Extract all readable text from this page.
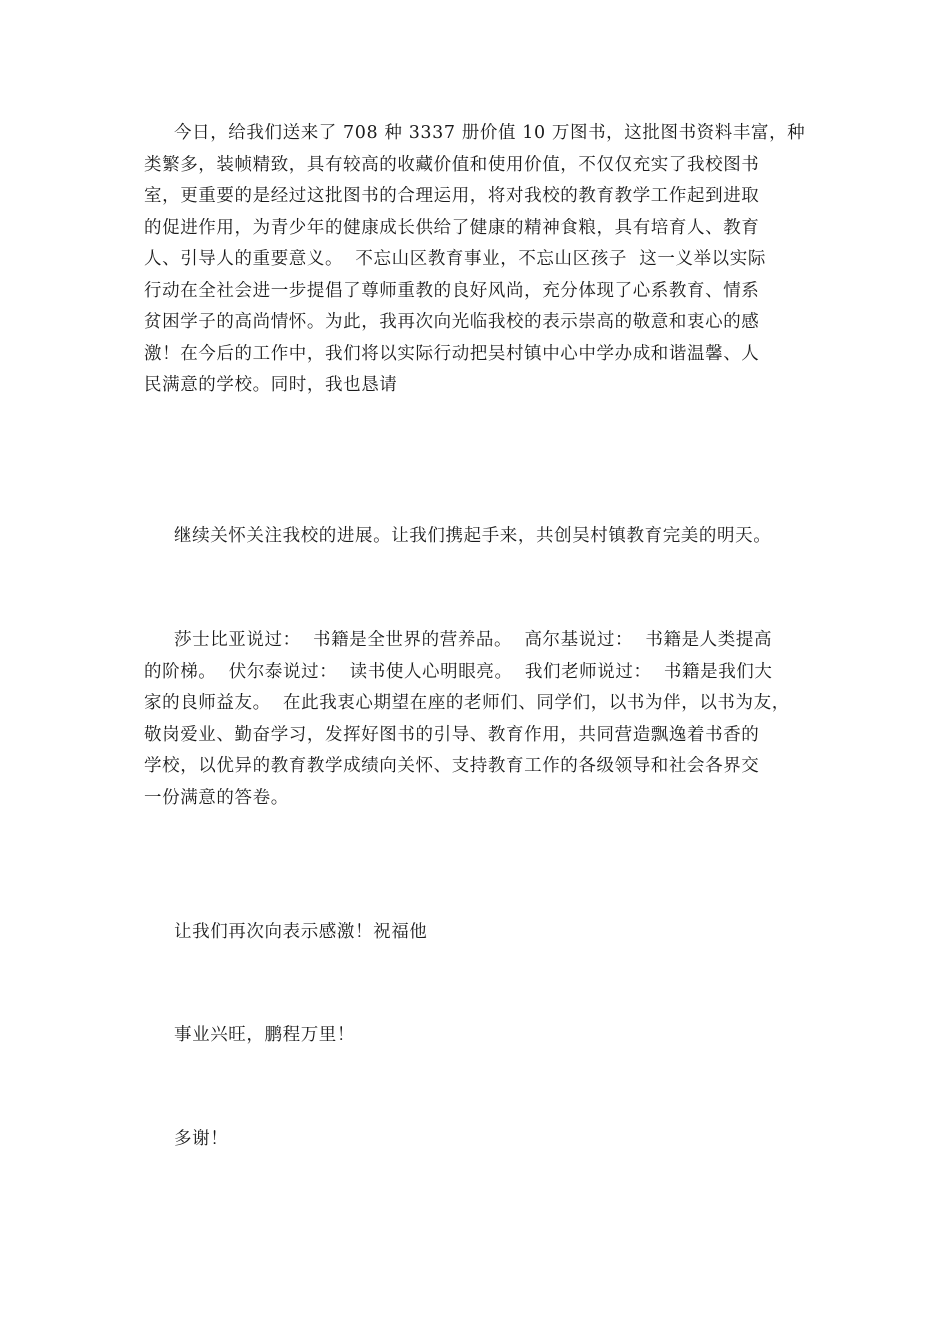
今日，给我们送来了 708 种 3337 册价值 10 万图书，这批图书资料丰富，种
类繁多，装帧精致，具有较高的收藏价值和使用价值，不仅仅充实了我校图书
室，更重要的是经过这批图书的合理运用，将对我校的教育教学工作起到进取
的促进作用，为青少年的健康成长供给了健康的精神食粮，具有培育人、教育
人、引导人的重要意义。  不忘山区教育事业，不忘山区孩子  这一义举以实际
行动在全社会进一步提倡了尊师重教的良好风尚，充分体现了心系教育、情系
贫困学子的高尚情怀。为此，我再次向光临我校的表示崇高的敬意和衷心的感
激！在今后的工作中，我们将以实际行动把吴村镇中心中学办成和谐温馨、人
民满意的学校。同时，我也恳请
继续关怀关注我校的进展。让我们携起手来，共创吴村镇教育完美的明天。
莎士比亚说过：  书籍是全世界的营养品。  高尔基说过：  书籍是人类提高
的阶梯。  伏尔泰说过：  读书使人心明眼亮。  我们老师说过：  书籍是我们大
家的良师益友。  在此我衷心期望在座的老师们、同学们，以书为伴，以书为友，
敬岗爱业、勤奋学习，发挥好图书的引导、教育作用，共同营造飘逸着书香的
学校，以优异的教育教学成绩向关怀、支持教育工作的各级领导和社会各界交
一份满意的答卷。
让我们再次向表示感激！祝福他
事业兴旺，鹏程万里！
多谢！
